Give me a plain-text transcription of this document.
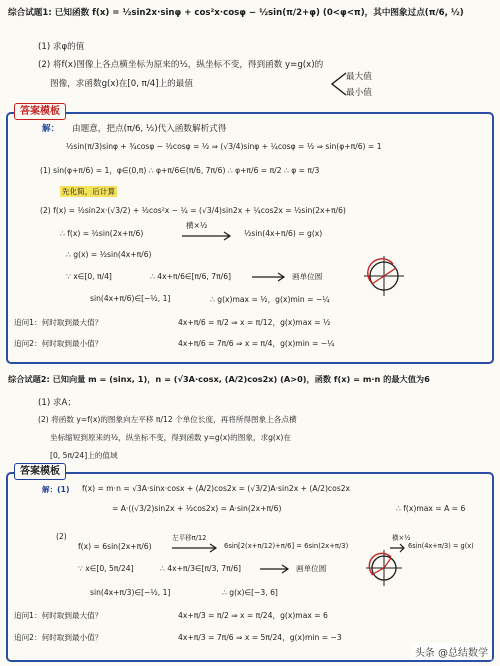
综合试题1: 已知函数 f(x) = ½sin2x·sinφ + cos²x·cosφ − ½sin(π/2+φ) (0<φ<π)，其中图象过点(π/6, ½)
(1) 求φ的值
(2) 将f(x)图像上各点横坐标为原来的½，纵坐标不变，得到函数 y=g(x)的
图像，求函数g(x)在[0, π/4]上的最值
最大值
最小值
答案模板
解： 由题意，把点(π/6, ½)代入函数解析式得
½sin(π/3)sinφ + ¾cosφ − ½cosφ = ½ ⇒ (√3/4)sinφ + ¼cosφ = ½ ⇒ sin(φ+π/6) = 1
(1) sin(φ+π/6) = 1，φ∈(0,π) ∴ φ+π/6∈(π/6, 7π/6) ∴ φ+π/6 = π/2 ∴ φ = π/3
先化简，后计算
(2) f(x) = ½sin2x·(√3/2) + ½cos²x − ¼ = (√3/4)sin2x + ¼cos2x = ½sin(2x+π/6)
∴ f(x) = ½sin(2x+π/6)
横×½
½sin(4x+π/6) = g(x)
∴ g(x) = ½sin(4x+π/6)
∵ x∈[0, π/4]	∴ 4x+π/6∈[π/6, 7π/6]	画单位圆
sin(4x+π/6)∈[−½, 1]	∴ g(x)max = ½，g(x)min = −¼
追问1：何时取到最大值？	4x+π/6 = π/2 ⇒ x = π/12，g(x)max = ½
追问2：何时取到最小值？	4x+π/6 = 7π/6 ⇒ x = π/4，g(x)min = −¼
综合试题2: 已知向量 m = (sinx, 1)，n = (√3A·cosx, (A/2)cos2x) (A>0)，函数 f(x) = m·n 的最大值为6
(1) 求A；
(2) 将函数 y=f(x)的图象向左平移 π/12 个单位长度，再将所得图象上各点横
坐标缩短到原来的½，纵坐标不变，得到函数 y=g(x)的图象，求g(x)在
[0, 5π/24]上的值域
答案模板
解：(1) f(x) = m·n = √3A·sinx·cosx + (A/2)cos2x = (√3/2)A·sin2x + (A/2)cos2x
= A·((√3/2)sin2x + ½cos2x) = A·sin(2x+π/6)	∴ f(x)max = A = 6
(2)
f(x) = 6sin(2x+π/6)
左平移π/12
6sin[2(x+π/12)+π/6] = 6sin(2x+π/3)
横×½
6sin(4x+π/3) = g(x)
∵ x∈[0, 5π/24]	∴ 4x+π/3∈[π/3, 7π/6]	画单位圆
sin(4x+π/3)∈[−½, 1]	∴ g(x)∈[−3, 6]
追问1：何时取到最大值？	4x+π/3 = π/2 ⇒ x = π/24，g(x)max = 6
追问2：何时取到最小值？	4x+π/3 = 7π/6 ⇒ x = 5π/24，g(x)min = −3
头条 @总结数学
